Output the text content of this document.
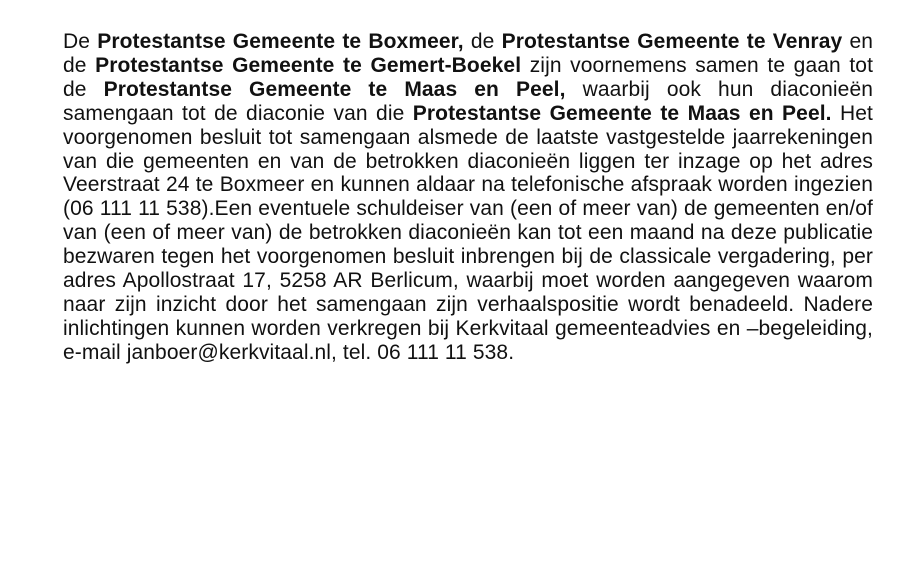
De Protestantse Gemeente te Boxmeer, de Protestantse Gemeente te Venray en de Protestantse Gemeente te Gemert-Boekel zijn voornemens samen te gaan tot de Protestantse Gemeente te Maas en Peel, waarbij ook hun diaconieën samengaan tot de diaconie van die Protestantse Gemeente te Maas en Peel. Het voorgenomen besluit tot samengaan alsmede de laatste vastgestelde jaarrekeningen van die gemeenten en van de betrokken diaconieën liggen ter inzage op het adres Veerstraat 24 te Boxmeer en kunnen aldaar na telefonische afspraak worden ingezien (06 111 11 538).Een eventuele schuldeiser van (een of meer van) de gemeenten en/of van (een of meer van) de betrokken diaconieën kan tot een maand na deze publicatie bezwaren tegen het voorgenomen besluit inbrengen bij de classicale vergadering, per adres Apollostraat 17, 5258 AR Berlicum, waarbij moet worden aangegeven waarom naar zijn inzicht door het samengaan zijn verhaalspositie wordt benadeeld. Nadere inlichtingen kunnen worden verkregen bij Kerkvitaal gemeenteadvies en –begeleiding, e-mail janboer@kerkvitaal.nl, tel. 06 111 11 538.
